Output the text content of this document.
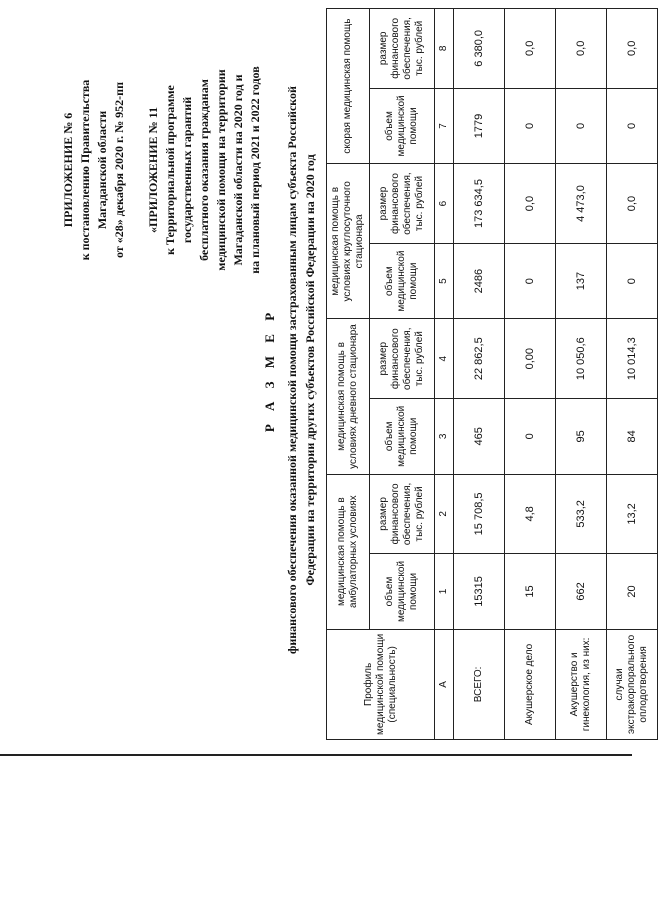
ПРИЛОЖЕНИЕ № 6 к постановлению Правительства Магаданской области от «28» декабря 2020 г. № 952-пп «ПРИЛОЖЕНИЕ № 11 к Территориальной программе государственных гарантий бесплатного оказания гражданам медицинской помощи на территории Магаданской области на 2020 год и на плановый период 2021 и 2022 годов
Р А З М Е Р финансового обеспечения оказанной медицинской помощи застрахованным лицам субъекта Российской Федерации на территории других субъектов Российской Федерации на 2020 год
Профиль медицинской помощи (специальность)	медицинская помощь в амбулаторных условиях		медицинская помощь в условиях дневного стационара		медицинская помощь в условиях круглосуточного стационара		скорая медицинская помощь	
	объем медицинской помощи	размер финансового обеспечения, тыс. рублей	объем медицинской помощи	размер финансового обеспечения, тыс. рублей	объем медицинской помощи	размер финансового обеспечения, тыс. рублей	объем медицинской помощи	размер финансового обеспечения, тыс. рублей
А	1	2	3	4	5	6	7	8
ВСЕГО:	15315	15 708,5	465	22 862,5	2486	173 634,5	1779	6 380,0
Акушерское дело	15	4,8	0	0,00	0	0,0	0	0,0
Акушерство и гинекология, из них:	662	533,2	95	10 050,6	137	4 473,0	0	0,0
случаи экстракорпорального оплодотворения	20	13,2	84	10 014,3	0	0,0	0	0,0
